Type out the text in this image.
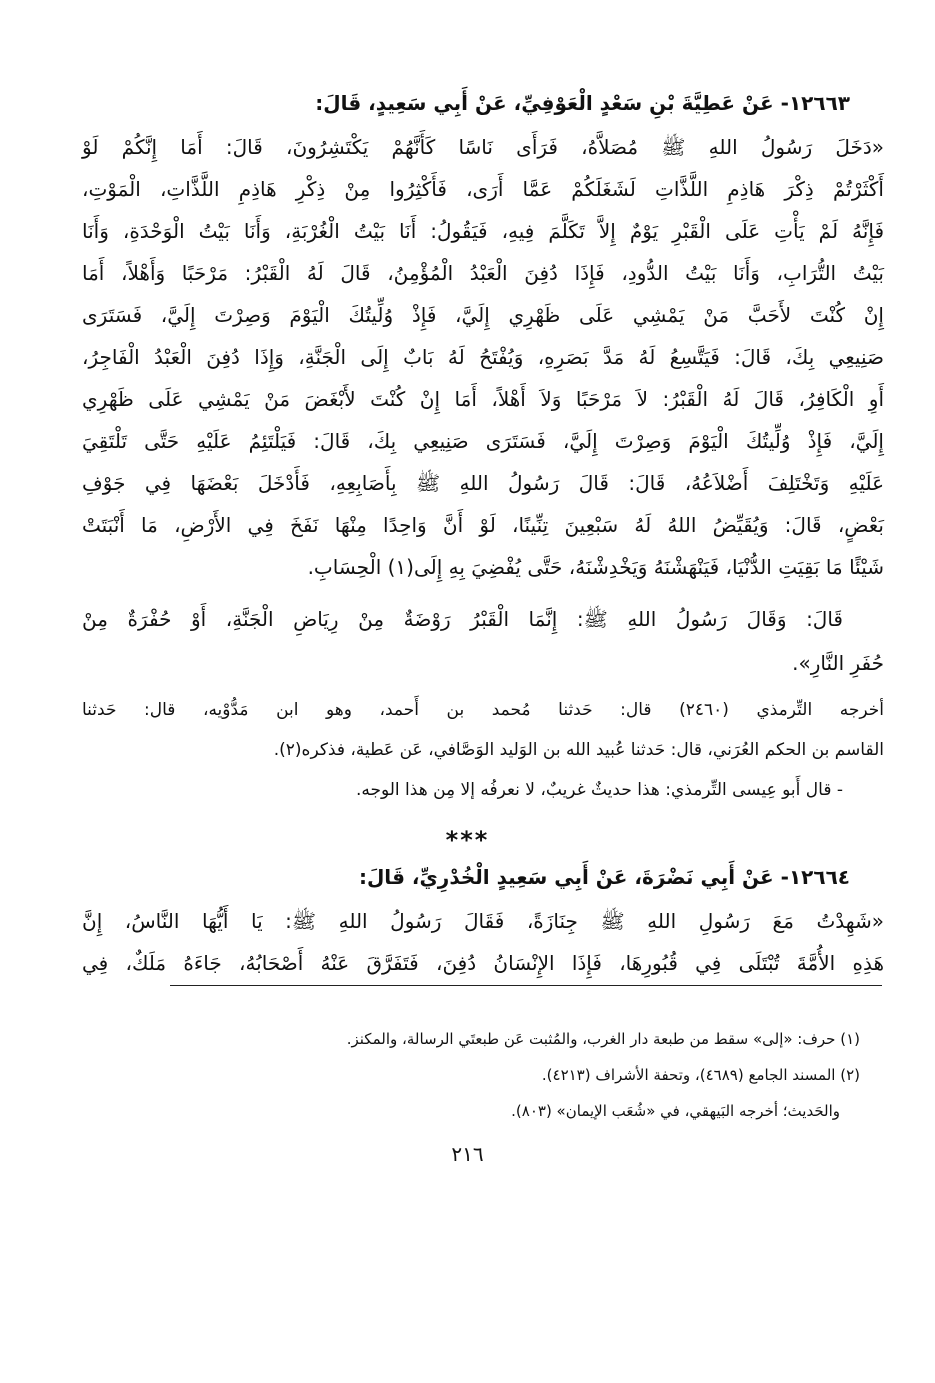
١٢٦٦٣- عَنْ عَطِيَّةَ بْنِ سَعْدٍ الْعَوْفِيِّ، عَنْ أَبِي سَعِيدٍ، قَالَ:
«دَخَلَ رَسُولُ اللهِ ﷺ مُصَلاَّهُ، فَرَأَى نَاسًا كَأَنَّهُمْ يَكْتَشِرُونَ، قَالَ: أَمَا إِنَّكُمْ لَوْ
أَكْثَرْتُمْ ذِكْرَ هَاذِمِ اللَّذَّاتِ لَشَغَلَكُمْ عَمَّا أَرَى، فَأَكْثِرُوا مِنْ ذِكْرِ هَاذِمِ اللَّذَّاتِ، الْمَوْتِ،
فَإِنَّهُ لَمْ يَأْتِ عَلَى الْقَبْرِ يَوْمٌ إِلاَّ تَكَلَّمَ فِيهِ، فَيَقُولُ: أَنَا بَيْتُ الْغُرْبَةِ، وَأَنَا بَيْتُ الْوَحْدَةِ، وَأَنَا
بَيْتُ التُّرَابِ، وَأَنَا بَيْتُ الدُّودِ، فَإِذَا دُفِنَ الْعَبْدُ الْمُؤْمِنُ، قَالَ لَهُ الْقَبْرُ: مَرْحَبًا وَأَهْلاً، أَمَا
إِنْ كُنْتَ لأَحَبَّ مَنْ يَمْشِي عَلَى ظَهْرِي إِلَيَّ، فَإِذْ وُلِّيتُكَ الْيَوْمَ وَصِرْتَ إِلَيَّ، فَسَتَرَى
صَنِيعِي بِكَ، قَالَ: فَيَتَّسِعُ لَهُ مَدَّ بَصَرِهِ، وَيُفْتَحُ لَهُ بَابٌ إِلَى الْجَنَّةِ، وَإِذَا دُفِنَ الْعَبْدُ الْفَاجِرُ،
أَوِ الْكَافِرُ، قَالَ لَهُ الْقَبْرُ: لاَ مَرْحَبًا وَلاَ أَهْلاً، أَمَا إِنْ كُنْتَ لأَبْغَضَ مَنْ يَمْشِي عَلَى ظَهْرِي
إِلَيَّ، فَإِذْ وُلِّيتُكَ الْيَوْمَ وَصِرْتَ إِلَيَّ، فَسَتَرَى صَنِيعِي بِكَ، قَالَ: فَيَلْتَئِمُ عَلَيْهِ حَتَّى تَلْتَقِيَ
عَلَيْهِ وَتَخْتَلِفَ أَضْلاَعُهُ، قَالَ: قَالَ رَسُولُ اللهِ ﷺ بِأَصَابِعِهِ، فَأَدْخَلَ بَعْضَهَا فِي جَوْفِ
بَعْضٍ، قَالَ: وَيُقَيِّضُ اللهُ لَهُ سَبْعِينَ تِنِّينًا، لَوْ أَنَّ وَاحِدًا مِنْهَا نَفَخَ فِي الأَرْضِ، مَا أَنْبَتَتْ
شَيْئًا مَا بَقِيَتِ الدُّنْيَا، فَيَنْهَشْنَهُ وَيَخْدِشْنَهُ، حَتَّى يُفْضِيَ بِهِ إِلَى(١) الْحِسَابِ.
قَالَ: وَقَالَ رَسُولُ اللهِ ﷺ: إِنَّمَا الْقَبْرُ رَوْضَةٌ مِنْ رِيَاضِ الْجَنَّةِ، أَوْ حُفْرَةٌ مِنْ
حُفَرِ النَّارِ».
أخرجه التِّرمذي (٢٤٦٠) قال: حَدثنا مُحمد بن أَحمد، وهو ابن مَدُّوْيه، قال: حَدثنا
القاسم بن الحكم العُرَني، قال: حَدثنا عُبيد الله بن الوَليد الوَصَّافي، عَن عَطية، فذكره(٢).
- قال أَبو عِيسى التِّرمذي: هذا حديثٌ غريبٌ، لا نعرفُه إلا مِن هذا الوجه.
***
١٢٦٦٤- عَنْ أَبِي نَضْرَةَ، عَنْ أَبِي سَعِيدٍ الْخُدْرِيِّ، قَالَ:
«شَهِدْتُ مَعَ رَسُولِ اللهِ ﷺ جِنَازَةً، فَقَالَ رَسُولُ اللهِ ﷺ: يَا أَيُّهَا النَّاسُ، إِنَّ
هَذِهِ الأُمَّةَ تُبْتَلَى فِي قُبُورِهَا، فَإِذَا الإِنْسَانُ دُفِنَ، فَتَفَرَّقَ عَنْهُ أَصْحَابُهُ، جَاءَهُ مَلَكٌ، فِي
(١) حرف: «إلى» سقط من طبعة دار الغرب، والمُثبت عَن طبعتَي الرسالة، والمكنز.
(٢) المسند الجامع (٤٦٨٩)، وتحفة الأشراف (٤٢١٣).
والحَديث؛ أخرجه البَيهقي، في «شُعَب الإيمان» (٨٠٣).
٢١٦
